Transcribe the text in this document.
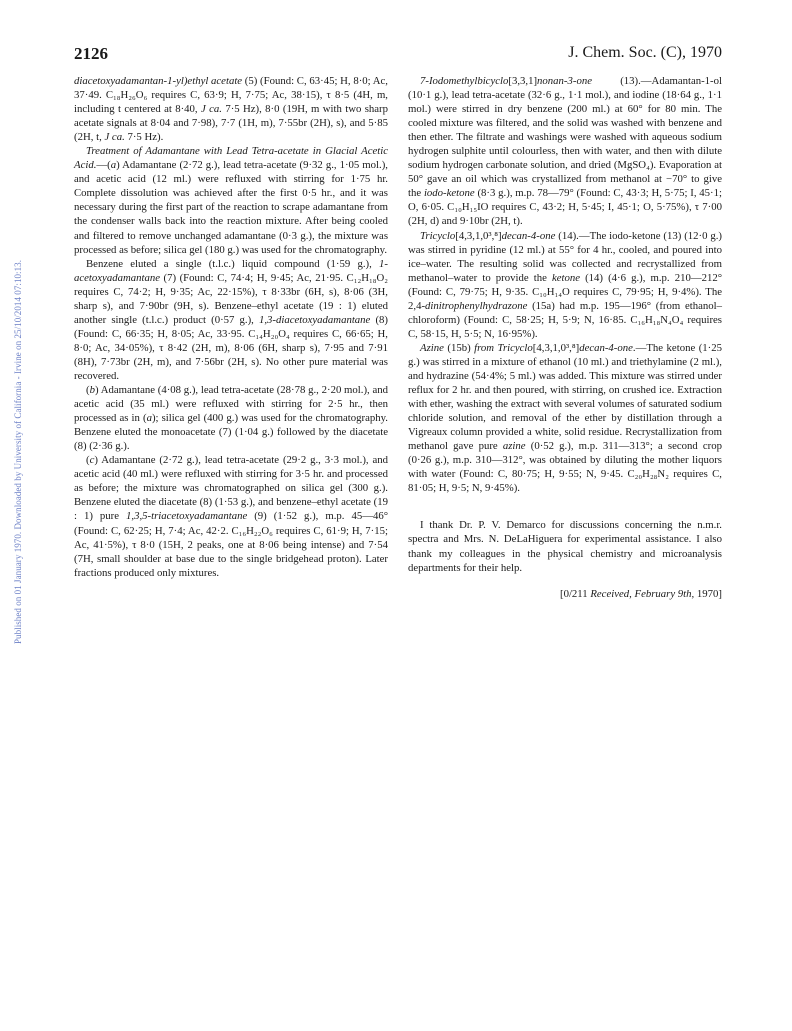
Published on 01 January 1970. Downloaded by University of California - Irvine on 25/10/2014 07:10:13.
2126	J. Chem. Soc. (C), 1970

diacetoxyadamantan-1-yl)ethyl acetate (5) (Found: C, 63·45; H, 8·0; Ac, 37·49. C₁₈H₂₆O₆ requires C, 63·9; H, 7·75; Ac, 38·15), τ 8·5 (4H, m, including t centered at 8·40, J ca. 7·5 Hz), 8·0 (19H, m with two sharp acetate signals at 8·04 and 7·98), 7·7 (1H, m), 7·55br (2H), s), and 5·85 (2H, t, J ca. 7·5 Hz).

Treatment of Adamantane with Lead Tetra-acetate in Glacial Acetic Acid.—(a) Adamantane (2·72 g.), lead tetra-acetate (9·32 g., 1·05 mol.), and acetic acid (12 ml.) were refluxed with stirring for 1·75 hr. Complete dissolution was achieved after the first 0·5 hr., and it was necessary during the first part of the reaction to scrape adamantane from the condenser walls back into the reaction mixture. After being cooled and filtered to remove unchanged adamantane (0·3 g.), the mixture was processed as before; silica gel (180 g.) was used for the chromatography.

Benzene eluted a single (t.l.c.) liquid compound (1·59 g.), 1-acetoxyadamantane (7) (Found: C, 74·4; H, 9·45; Ac, 21·95. C₁₂H₁₈O₂ requires C, 74·2; H, 9·35; Ac, 22·15%), τ 8·33br (6H, s), 8·06 (3H, sharp s), and 7·90br (9H, s). Benzene–ethyl acetate (19 : 1) eluted another single (t.l.c.) product (0·57 g.), 1,3-diacetoxyadamantane (8) (Found: C, 66·35; H, 8·05; Ac, 33·95. C₁₄H₂₀O₄ requires C, 66·65; H, 8·0; Ac, 34·05%), τ 8·42 (2H, m), 8·06 (6H, sharp s), 7·95 and 7·91 (8H), 7·73br (2H, m), and 7·56br (2H, s). No other pure material was recovered.

(b) Adamantane (4·08 g.), lead tetra-acetate (28·78 g., 2·20 mol.), and acetic acid (35 ml.) were refluxed with stirring for 2·5 hr., then processed as in (a); silica gel (400 g.) was used for the chromatography. Benzene eluted the monoacetate (7) (1·04 g.) followed by the diacetate (8) (2·36 g.).

(c) Adamantane (2·72 g.), lead tetra-acetate (29·2 g., 3·3 mol.), and acetic acid (40 ml.) were refluxed with stirring for 3·5 hr. and processed as before; the mixture was chromatographed on silica gel (300 g.). Benzene eluted the diacetate (8) (1·53 g.), and benzene–ethyl acetate (19 : 1) pure 1,3,5-triacetoxyadamantane (9) (1·52 g.), m.p. 45—46° (Found: C, 62·25; H, 7·4; Ac, 42·2. C₁₆H₂₂O₆ requires C, 61·9; H, 7·15; Ac, 41·5%), τ 8·0 (15H, 2 peaks, one at 8·06 being intense) and 7·54 (7H, small shoulder at base due to the single bridgehead proton). Later fractions produced only mixtures.

7-Iodomethylbicyclo[3,3,1]nonan-3-one (13).—Adamantan-1-ol (10·1 g.), lead tetra-acetate (32·6 g., 1·1 mol.), and iodine (18·64 g., 1·1 mol.) were stirred in dry benzene (200 ml.) at 60° for 80 min. The cooled mixture was filtered, and the solid was washed with benzene and then ether. The filtrate and washings were washed with aqueous sodium hydrogen sulphite until colourless, then with water, and then with dilute sodium hydrogen carbonate solution, and dried (MgSO₄). Evaporation at 50° gave an oil which was crystallized from methanol at −70° to give the iodo-ketone (8·3 g.), m.p. 78—79° (Found: C, 43·3; H, 5·75; I, 45·1; O, 6·05. C₁₀H₁₅IO requires C, 43·2; H, 5·45; I, 45·1; O, 5·75%), τ 7·00 (2H, d) and 9·10br (2H, t).

Tricyclo[4,3,1,0³,⁸]decan-4-one (14).—The iodo-ketone (13) (12·0 g.) was stirred in pyridine (12 ml.) at 55° for 4 hr., cooled, and poured into ice–water. The resulting solid was collected and recrystallized from methanol–water to provide the ketone (14) (4·6 g.), m.p. 210—212° (Found: C, 79·75; H, 9·35. C₁₀H₁₄O requires C, 79·95; H, 9·4%). The 2,4-dinitrophenylhydrazone (15a) had m.p. 195—196° (from ethanol–chloroform) (Found: C, 58·25; H, 5·9; N, 16·85. C₁₆H₁₈N₄O₄ requires C, 58·15, H, 5·5; N, 16·95%).

Azine (15b) from Tricyclo[4,3,1,0³,⁸]decan-4-one.—The ketone (1·25 g.) was stirred in a mixture of ethanol (10 ml.) and triethylamine (2 ml.), and hydrazine (54·4%; 5 ml.) was added. This mixture was stirred under reflux for 2 hr. and then poured, with stirring, on crushed ice. Extraction with ether, washing the extract with several volumes of saturated sodium chloride solution, and removal of the ether by distillation through a Vigreaux column provided a white, solid residue. Recrystallization from methanol gave pure azine (0·52 g.), m.p. 311—313°; a second crop (0·26 g.), m.p. 310—312°, was obtained by diluting the mother liquors with water (Found: C, 80·75; H, 9·55; N, 9·45. C₂₀H₂₈N₂ requires C, 81·05; H, 9·5; N, 9·45%).

I thank Dr. P. V. Demarco for discussions concerning the n.m.r. spectra and Mrs. N. DeLaHiguera for experimental assistance. I also thank my colleagues in the physical chemistry and microanalysis departments for their help.

[0/211 Received, February 9th, 1970]
